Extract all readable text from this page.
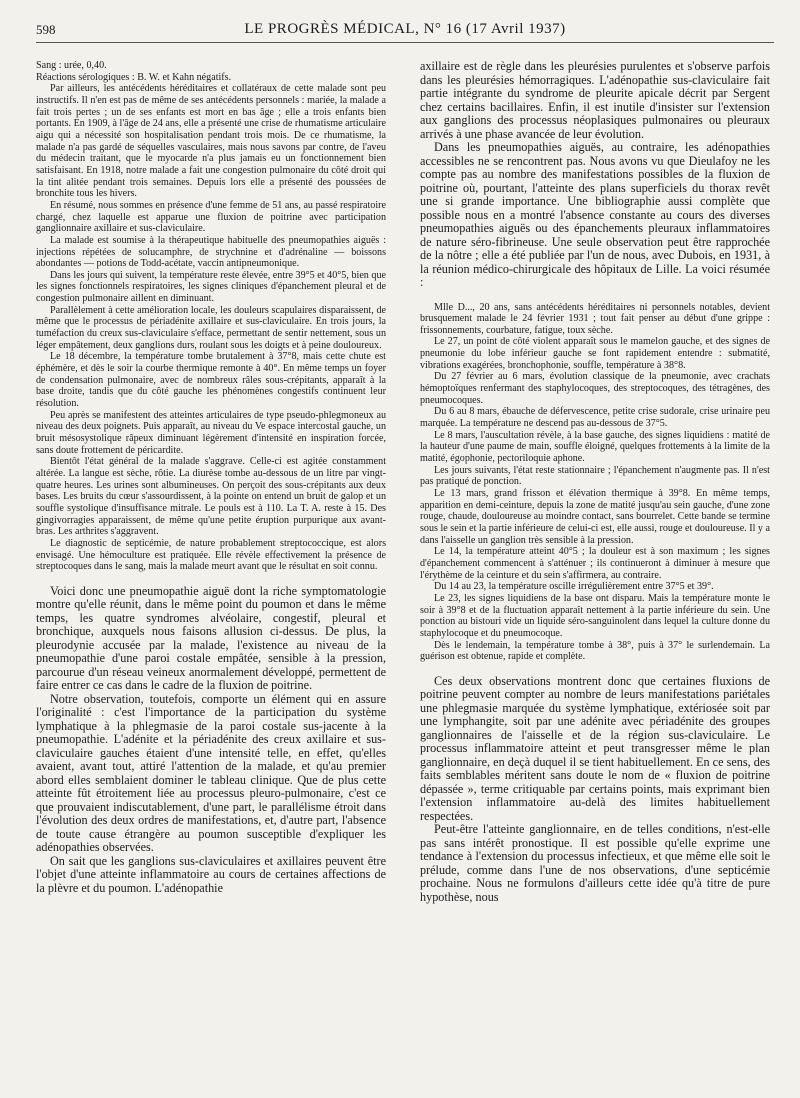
598	LE PROGRÈS MÉDICAL, N° 16 (17 Avril 1937)

Sang : urée, 0,40.

Réactions sérologiques : B. W. et Kahn négatifs.

Par ailleurs, les antécédents héréditaires et collatéraux de cette malade sont peu instructifs. Il n'en est pas de même de ses antécédents personnels : mariée, la malade a fait trois pertes ; un de ses enfants est mort en bas âge ; elle a trois enfants bien portants. En 1909, à l'âge de 24 ans, elle a présenté une crise de rhumatisme articulaire aigu qui a nécessité son hospitalisation pendant trois mois. De ce rhumatisme, la malade n'a pas gardé de séquelles vasculaires, mais nous savons par contre, de l'aveu du médecin traitant, que le myocarde n'a plus jamais eu un fonctionnement bien satisfaisant. En 1918, notre malade a fait une congestion pulmonaire du côté droit qui la tint alitée pendant trois semaines. Depuis lors elle a présenté des poussées de bronchite tous les hivers.

En résumé, nous sommes en présence d'une femme de 51 ans, au passé respiratoire chargé, chez laquelle est apparue une fluxion de poitrine avec participation ganglionnaire axillaire et sus-claviculaire.

La malade est soumise à la thérapeutique habituelle des pneumopathies aiguës : injections répétées de solucamphre, de strychnine et d'adrénaline — boissons abondantes — potions de Todd-acétate, vaccin antipneumonique.

Dans les jours qui suivent, la température reste élevée, entre 39°5 et 40°5, bien que les signes fonctionnels respiratoires, les signes cliniques d'épanchement pleural et de congestion pulmonaire aillent en diminuant.

Parallèlement à cette amélioration locale, les douleurs scapulaires disparaissent, de même que le processus de périadénite axillaire et sus-claviculaire. En trois jours, la tuméfaction du creux sus-claviculaire s'efface, permettant de sentir nettement, sous un léger empâtement, deux ganglions durs, roulant sous les doigts et à peine douloureux.

Le 18 décembre, la température tombe brutalement à 37°8, mais cette chute est éphémère, et dès le soir la courbe thermique remonte à 40°. En même temps un foyer de condensation pulmonaire, avec de nombreux râles sous-crépitants, apparaît à la base droite, tandis que du côté gauche les phénomènes congestifs continuent leur résolution.

Peu après se manifestent des atteintes articulaires de type pseudo-phlegmoneux au niveau des deux poignets. Puis apparaît, au niveau du Ve espace intercostal gauche, un bruit mésosystolique râpeux diminuant légèrement d'intensité en inspiration forcée, sans doute frottement de péricardite.

Bientôt l'état général de la malade s'aggrave. Celle-ci est agitée constamment altérée. La langue est sèche, rôtie. La diurèse tombe au-dessous de un litre par vingt-quatre heures. Les urines sont albumineuses. On perçoit des sous-crépitants aux deux bases. Les bruits du cœur s'assourdissent, à la pointe on entend un bruit de galop et un souffle systolique d'insuffisance mitrale. Le pouls est à 110. La T. A. reste à 15. Des gingivorragies apparaissent, de même qu'une petite éruption purpurique aux avant-bras. Les arthrites s'aggravent.

Le diagnostic de septicémie, de nature probablement streptococcique, est alors envisagé. Une hémoculture est pratiquée. Elle révèle effectivement la présence de streptocoques dans le sang, mais la malade meurt avant que le résultat en soit connu.

Voici donc une pneumopathie aiguë dont la riche symptomatologie montre qu'elle réunit, dans le même point du poumon et dans le même temps, les quatre syndromes alvéolaire, congestif, pleural et bronchique, auxquels nous faisons allusion ci-dessus. De plus, la pleurodynie accusée par la malade, l'existence au niveau de la pneumopathie d'une paroi costale empâtée, sensible à la pression, parcourue d'un réseau veineux anormalement développé, permettent de faire entrer ce cas dans le cadre de la fluxion de poitrine.

Notre observation, toutefois, comporte un élément qui en assure l'originalité : c'est l'importance de la participation du système lymphatique à la phlegmasie de la paroi costale sus-jacente à la pneumopathie. L'adénite et la périadénite des creux axillaire et sus-claviculaire gauches étaient d'une intensité telle, en effet, qu'elles avaient, avant tout, attiré l'attention de la malade, et qu'au premier abord elles semblaient dominer le tableau clinique. Que de plus cette atteinte fût étroitement liée au processus pleuro-pulmonaire, c'est ce que prouvaient indiscutablement, d'une part, le parallélisme étroit dans l'évolution des deux ordres de manifestations, et, d'autre part, l'absence de toute cause étrangère au poumon susceptible d'expliquer les adénopathies observées.

On sait que les ganglions sus-claviculaires et axillaires peuvent être l'objet d'une atteinte inflammatoire au cours de certaines affections de la plèvre et du poumon. L'adénopathie

axillaire est de règle dans les pleurésies purulentes et s'observe parfois dans les pleurésies hémorragiques. L'adénopathie sus-claviculaire fait partie intégrante du syndrome de pleurite apicale décrit par Sergent chez certains bacillaires. Enfin, il est inutile d'insister sur l'extension aux ganglions des processus néoplasiques pulmonaires ou pleuraux arrivés à une phase avancée de leur évolution.

Dans les pneumopathies aiguës, au contraire, les adénopathies accessibles ne se rencontrent pas. Nous avons vu que Dieulafoy ne les compte pas au nombre des manifestations possibles de la fluxion de poitrine où, pourtant, l'atteinte des plans superficiels du thorax revêt une si grande importance. Une bibliographie aussi complète que possible nous en a montré l'absence constante au cours des diverses pneumopathies aiguës ou des épanchements pleuraux inflammatoires de nature séro-fibrineuse. Une seule observation peut être rapprochée de la nôtre ; elle a été publiée par l'un de nous, avec Dubois, en 1931, à la réunion médico-chirurgicale des hôpitaux de Lille. La voici résumée :

Mlle D..., 20 ans, sans antécédents héréditaires ni personnels notables, devient brusquement malade le 24 février 1931 ; tout fait penser au début d'une grippe : frissonnements, courbature, fatigue, toux sèche.

Le 27, un point de côté violent apparaît sous le mamelon gauche, et des signes de pneumonie du lobe inférieur gauche se font rapidement entendre : submatité, vibrations exagérées, bronchophonie, souffle, température à 38°8.

Du 27 février au 6 mars, évolution classique de la pneumonie, avec crachats hémoptoïques renfermant des staphylocoques, des streptocoques, des tétragènes, des pneumocoques.

Du 6 au 8 mars, ébauche de défervescence, petite crise sudorale, crise urinaire peu marquée. La température ne descend pas au-dessous de 37°5.

Le 8 mars, l'auscultation révèle, à la base gauche, des signes liquidiens : matité de la hauteur d'une paume de main, souffle éloigné, quelques frottements à la limite de la matité, égophonie, pectoriloquie aphone.

Les jours suivants, l'état reste stationnaire ; l'épanchement n'augmente pas. Il n'est pas pratiqué de ponction.

Le 13 mars, grand frisson et élévation thermique à 39°8. En même temps, apparition en demi-ceinture, depuis la zone de matité jusqu'au sein gauche, d'une zone rouge, chaude, douloureuse au moindre contact, sans bourrelet. Cette bande se termine sous le sein et la partie inférieure de celui-ci est, elle aussi, rouge et douloureuse. Il y a dans l'aisselle un ganglion très sensible à la pression.

Le 14, la température atteint 40°5 ; la douleur est à son maximum ; les signes d'épanchement commencent à s'atténuer ; ils continueront à diminuer à mesure que l'érythème de la ceinture et du sein s'affirmera, au contraire.

Du 14 au 23, la température oscille irrégulièrement entre 37°5 et 39°.

Le 23, les signes liquidiens de la base ont disparu. Mais la température monte le soir à 39°8 et de la fluctuation apparaît nettement à la partie inférieure du sein. Une ponction au bistouri vide un liquide séro-sanguinolent dans lequel la culture donne du staphylocoque et du pneumocoque.

Dès le lendemain, la température tombe à 38°, puis à 37° le surlendemain. La guérison est obtenue, rapide et complète.

Ces deux observations montrent donc que certaines fluxions de poitrine peuvent compter au nombre de leurs manifestations pariétales une phlegmasie marquée du système lymphatique, extériosée soit par une lymphangite, soit par une adénite avec périadénite des groupes ganglionnaires de l'aisselle et de la région sus-claviculaire. Le processus inflammatoire atteint et peut transgresser même le plan ganglionnaire, en deçà duquel il se tient habituellement. En ce sens, des faits semblables méritent sans doute le nom de « fluxion de poitrine dépassée », terme critiquable par certains points, mais exprimant bien l'extension inflammatoire au-delà des limites habituellement respectées.

Peut-être l'atteinte ganglionnaire, en de telles conditions, n'est-elle pas sans intérêt pronostique. Il est possible qu'elle exprime une tendance à l'extension du processus infectieux, et que même elle soit le prélude, comme dans l'une de nos observations, d'une septicémie prochaine. Nous ne formulons d'ailleurs cette idée qu'à titre de pure hypothèse, nous
